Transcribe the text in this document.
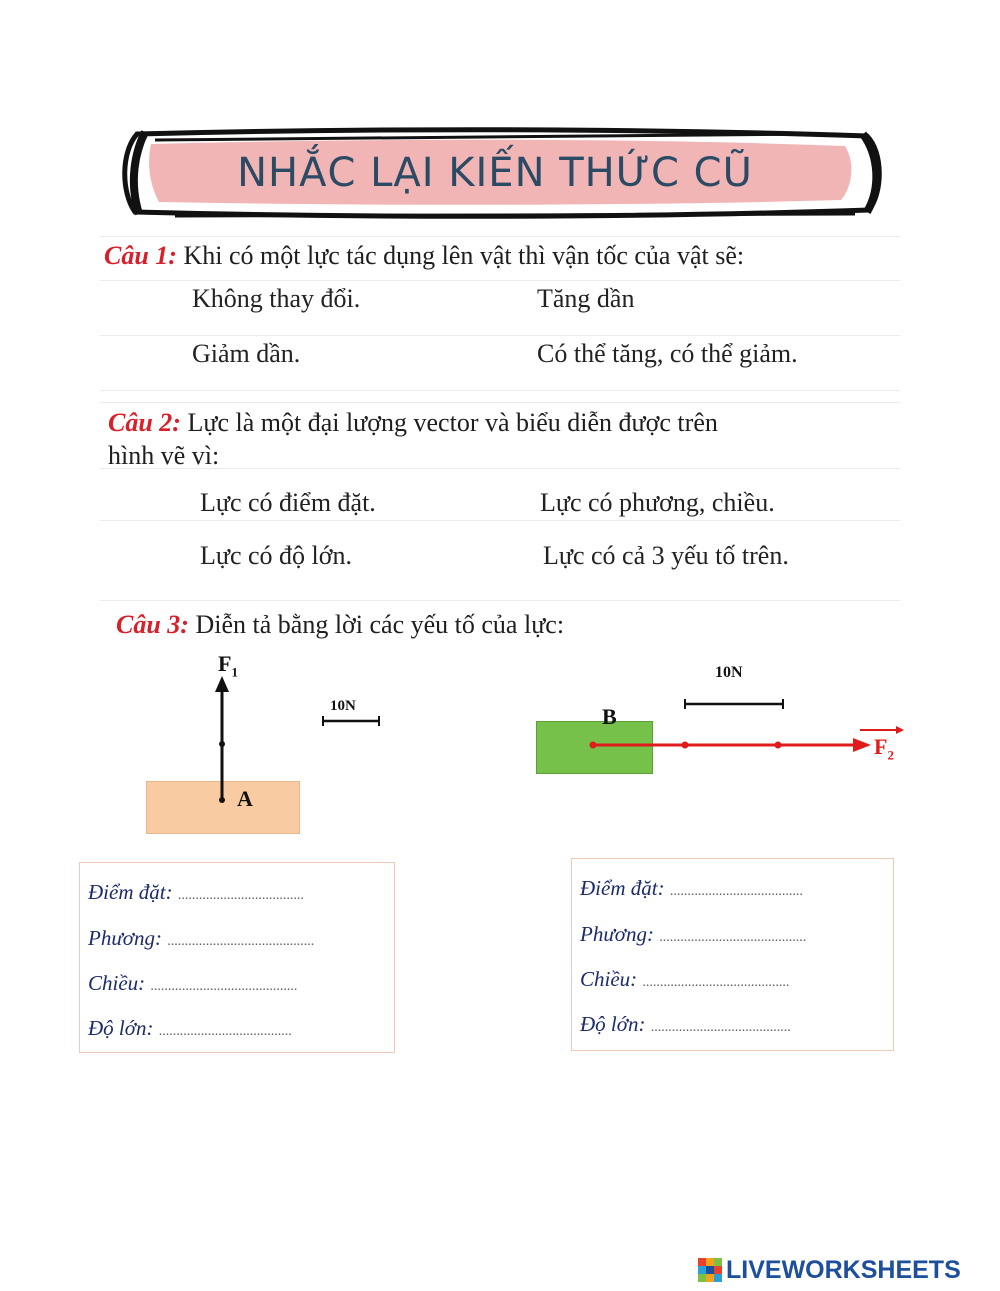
NHẮC LẠI KIẾN THỨC CŨ
Câu 1: Khi có một lực tác dụng lên vật thì vận tốc của vật sẽ:
Không thay đổi.	Tăng dần
Giảm dần.	Có thể tăng, có thể giảm.
Câu 2: Lực là một đại lượng vector và biểu diễn được trên
hình vẽ vì:
Lực có điểm đặt.	Lực có phương, chiều.
Lực có độ lớn.	Lực có cả 3 yếu tố trên.
Câu 3: Diễn tả bằng lời các yếu tố của lực:
$F_1$
A
10N
10N
B
$F_2$
Điểm đặt: ....................................
Phương: ..........................................
Chiều: ..........................................
Độ lớn: ......................................
Điểm đặt: ......................................
Phương: ..........................................
Chiều: ..........................................
Độ lớn: ........................................
LIVEWORKSHEETS
